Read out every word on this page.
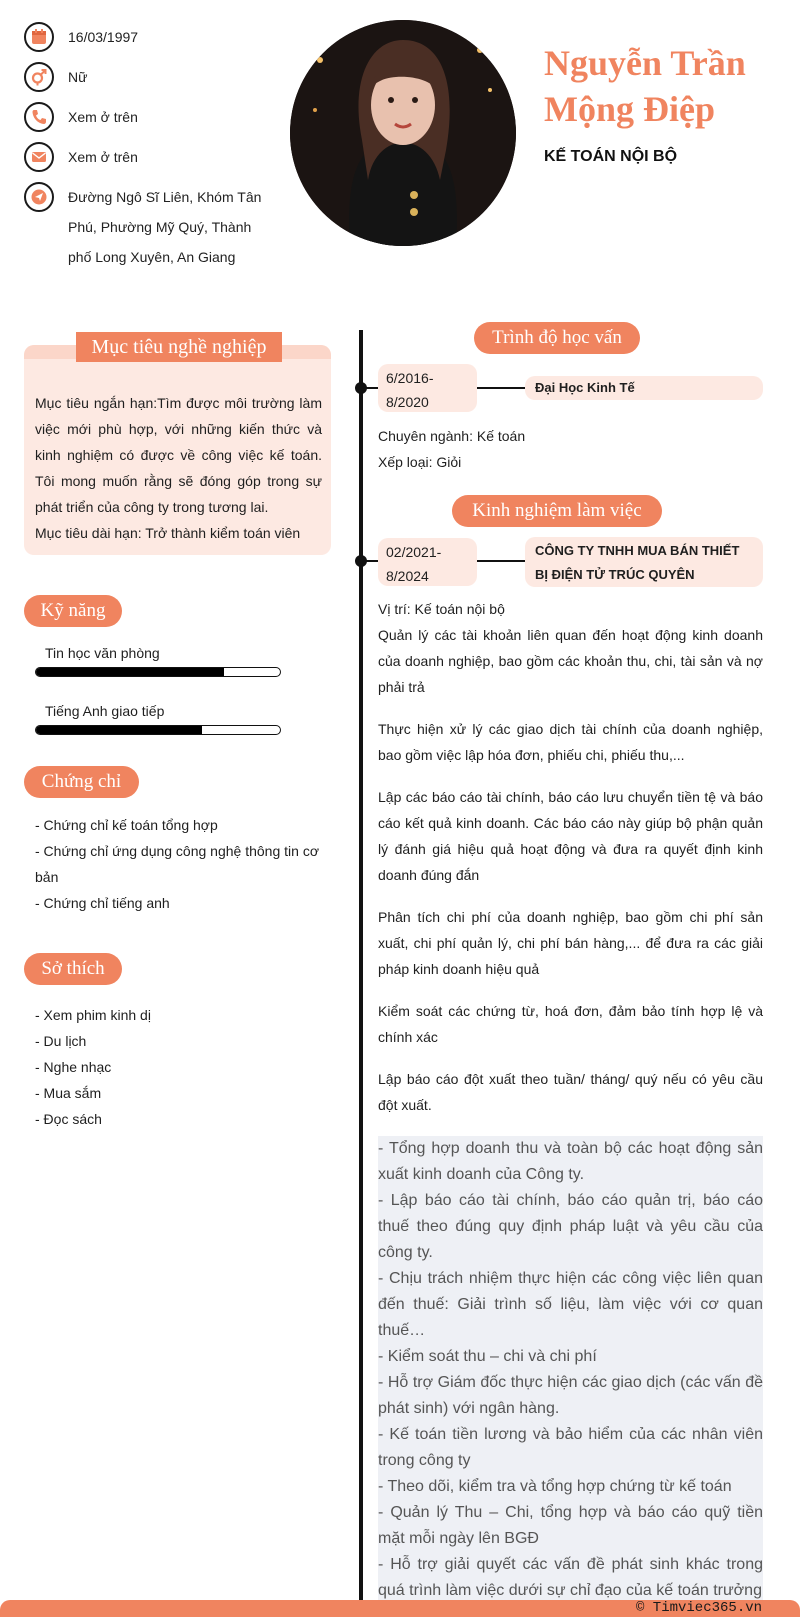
16/03/1997
Nữ
Xem ở trên
Xem ở trên
Đường Ngô Sĩ Liên, Khóm Tân Phú, Phường Mỹ Quý, Thành phố Long Xuyên, An Giang
Nguyễn Trần Mộng Điệp
KẾ TOÁN NỘI BỘ
Mục tiêu nghề nghiệp
Mục tiêu ngắn hạn:Tìm được môi trường làm việc mới phù hợp, với những kiến thức và kinh nghiệm có được về công việc kế toán. Tôi mong muốn rằng sẽ đóng góp trong sự phát triển của công ty trong tương lai.
Mục tiêu dài hạn: Trở thành kiểm toán viên
Kỹ năng
Tin học văn phòng
Tiếng Anh giao tiếp
Chứng chỉ
- Chứng chỉ kế toán tổng hợp
- Chứng chỉ ứng dụng công nghệ thông tin cơ bản
- Chứng chỉ tiếng anh
Sở thích
- Xem phim kinh dị
- Du lịch
- Nghe nhạc
- Mua sắm
- Đọc sách
Trình độ học vấn
6/2016-
8/2020
Đại Học Kinh Tế
Chuyên ngành: Kế toán
Xếp loại: Giỏi
Kinh nghiệm làm việc
02/2021-
8/2024
CÔNG TY TNHH MUA BÁN THIẾT BỊ ĐIỆN TỬ TRÚC QUYÊN
Vị trí: Kế toán nội bộ

Quản lý các tài khoản liên quan đến hoạt động kinh doanh của doanh nghiệp, bao gồm các khoản thu, chi, tài sản và nợ phải trả

Thực hiện xử lý các giao dịch tài chính của doanh nghiệp, bao gồm việc lập hóa đơn, phiếu chi, phiếu thu,...

Lập các báo cáo tài chính, báo cáo lưu chuyển tiền tệ và báo cáo kết quả kinh doanh. Các báo cáo này giúp bộ phận quản lý đánh giá hiệu quả hoạt động và đưa ra quyết định kinh doanh đúng đắn

Phân tích chi phí của doanh nghiệp, bao gồm chi phí sản xuất, chi phí quản lý, chi phí bán hàng,... để đưa ra các giải pháp kinh doanh hiệu quả

Kiểm soát các chứng từ, hoá đơn, đảm bảo tính hợp lệ và chính xác

Lập báo cáo đột xuất theo tuần/ tháng/ quý nếu có yêu cầu đột xuất.

- Tổng hợp doanh thu và toàn bộ các hoạt động sản xuất kinh doanh của Công ty.
- Lập báo cáo tài chính, báo cáo quản trị, báo cáo thuế theo đúng quy định pháp luật và yêu cầu của công ty.
- Chịu trách nhiệm thực hiện các công việc liên quan đến thuế: Giải trình số liệu, làm việc với cơ quan thuế…
- Kiểm soát thu – chi và chi phí
- Hỗ trợ Giám đốc thực hiện các giao dịch (các vấn đề phát sinh) với ngân hàng.
- Kế toán tiền lương và bảo hiểm của các nhân viên trong công ty
- Theo dõi, kiểm tra và tổng hợp chứng từ kế toán
- Quản lý Thu – Chi, tổng hợp và báo cáo quỹ tiền mặt mỗi ngày lên BGĐ
- Hỗ trợ giải quyết các vấn đề phát sinh khác trong quá trình làm việc dưới sự chỉ đạo của kế toán trưởng
© Timviec365.vn
